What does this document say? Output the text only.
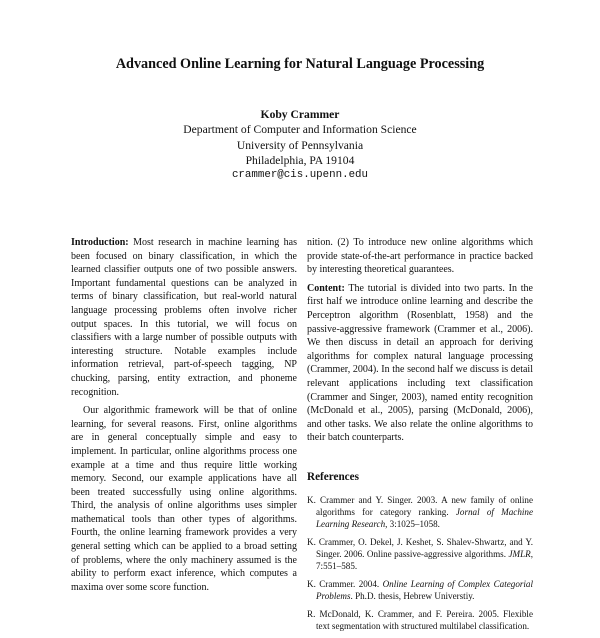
Advanced Online Learning for Natural Language Processing
Koby Crammer
Department of Computer and Information Science
University of Pennsylvania
Philadelphia, PA 19104
crammer@cis.upenn.edu

Introduction: Most research in machine learning has been focused on binary classification, in which the learned classifier outputs one of two possible answers. Important fundamental questions can be analyzed in terms of binary classification, but real-world natural language processing problems often involve richer output spaces. In this tutorial, we will focus on classifiers with a large number of possible outputs with interesting structure. Notable examples include information retrieval, part-of-speech tagging, NP chucking, parsing, entity extraction, and phoneme recognition.

Our algorithmic framework will be that of online learning, for several reasons. First, online algorithms are in general conceptually simple and easy to implement. In particular, online algorithms process one example at a time and thus require little working memory. Second, our example applications have all been treated successfully using online algorithms. Third, the analysis of online algorithms uses simpler mathematical tools than other types of algorithms. Fourth, the online learning framework provides a very general setting which can be applied to a broad setting of problems, where the only machinery assumed is the ability to perform exact inference, which computes a maxima over some score function.

nition. (2) To introduce new online algorithms which provide state-of-the-art performance in practice backed by interesting theoretical guarantees.

Content: The tutorial is divided into two parts. In the first half we introduce online learning and describe the Perceptron algorithm (Rosenblatt, 1958) and the passive-aggressive framework (Crammer et al., 2006). We then discuss in detail an approach for deriving algorithms for complex natural language processing (Crammer, 2004). In the second half we discuss is detail relevant applications including text classification (Crammer and Singer, 2003), named entity recognition (McDonald et al., 2005), parsing (McDonald, 2006), and other tasks. We also relate the online algorithms to their batch counterparts.

References
K. Crammer and Y. Singer. 2003. A new family of online algorithms for category ranking. Jornal of Machine Learning Research, 3:1025–1058.
K. Crammer, O. Dekel, J. Keshet, S. Shalev-Shwartz, and Y. Singer. 2006. Online passive-aggressive algorithms. JMLR, 7:551–585.
K. Crammer. 2004. Online Learning of Complex Categorial Problems. Ph.D. thesis, Hebrew Universtiy.
R. McDonald, K. Crammer, and F. Pereira. 2005. Flexible text segmentation with structured multilabel classification.
